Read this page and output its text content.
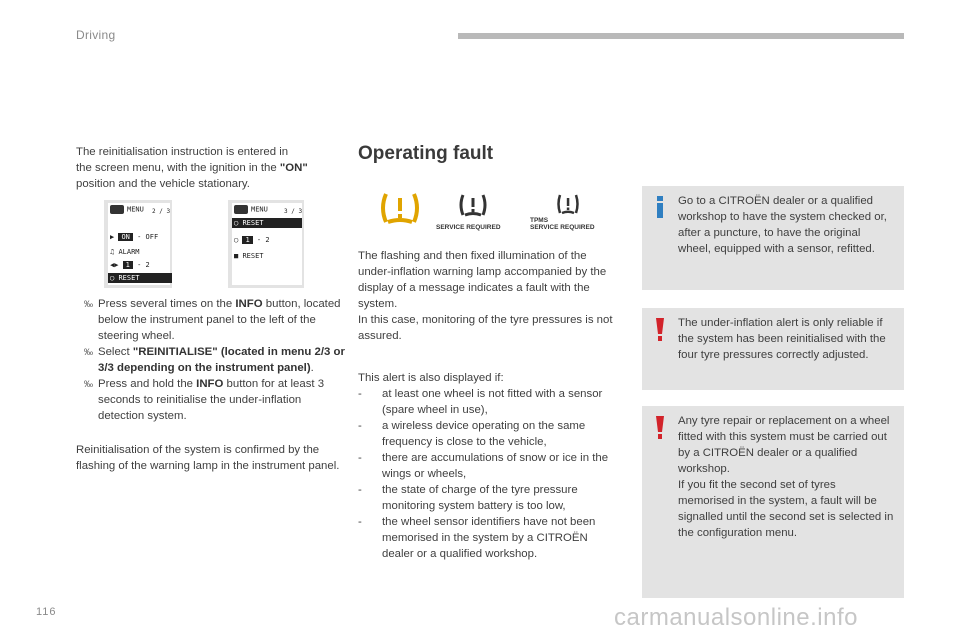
Driving

The reinitialisation instruction is entered in
the screen menu, with the ignition in the "ON"
position and the vehicle stationary.

MENU 2 / 3
▶ ON - OFF
♫ ALARM
◀▶ 1 - 2
◯ RESET
MENU	3 / 3
◯ RESET
◯ 1 - 2
■ RESET
‰ Press several times on the INFO button, located below the instrument panel to the left of the steering wheel.
‰ Select "REINITIALISE" (located in menu 2/3 or 3/3 depending on the instrument panel).
‰ Press and hold the INFO button for at least 3 seconds to reinitialise the under-inflation detection system.
Reinitialisation of the system is confirmed by the flashing of the warning lamp in the instrument panel.
Operating fault
SERVICE REQUIRED
TPMS
SERVICE REQUIRED

The flashing and then fixed illumination of the under-inflation warning lamp accompanied by the display of a message indicates a fault with the system.

In this case, monitoring of the tyre pressures is not assured.

This alert is also displayed if:

- at least one wheel is not fitted with a sensor (spare wheel in use),
- a wireless device operating on the same frequency is close to the vehicle,
- there are accumulations of snow or ice in the wings or wheels,
- the state of charge of the tyre pressure monitoring system battery is too low,
- the wheel sensor identifiers have not been memorised in the system by a CITROËN dealer or a qualified workshop.
Go to a CITROËN dealer or a qualified workshop to have the system checked or, after a puncture, to have the original wheel, equipped with a sensor, refitted.
The under-inflation alert is only reliable if the system has been reinitialised with the four tyre pressures correctly adjusted.
Any tyre repair or replacement on a wheel fitted with this system must be carried out by a CITROËN dealer or a qualified workshop.
If you fit the second set of tyres memorised in the system, a fault will be signalled until the second set is selected in the configuration menu.
116	carmanualsonline.info
